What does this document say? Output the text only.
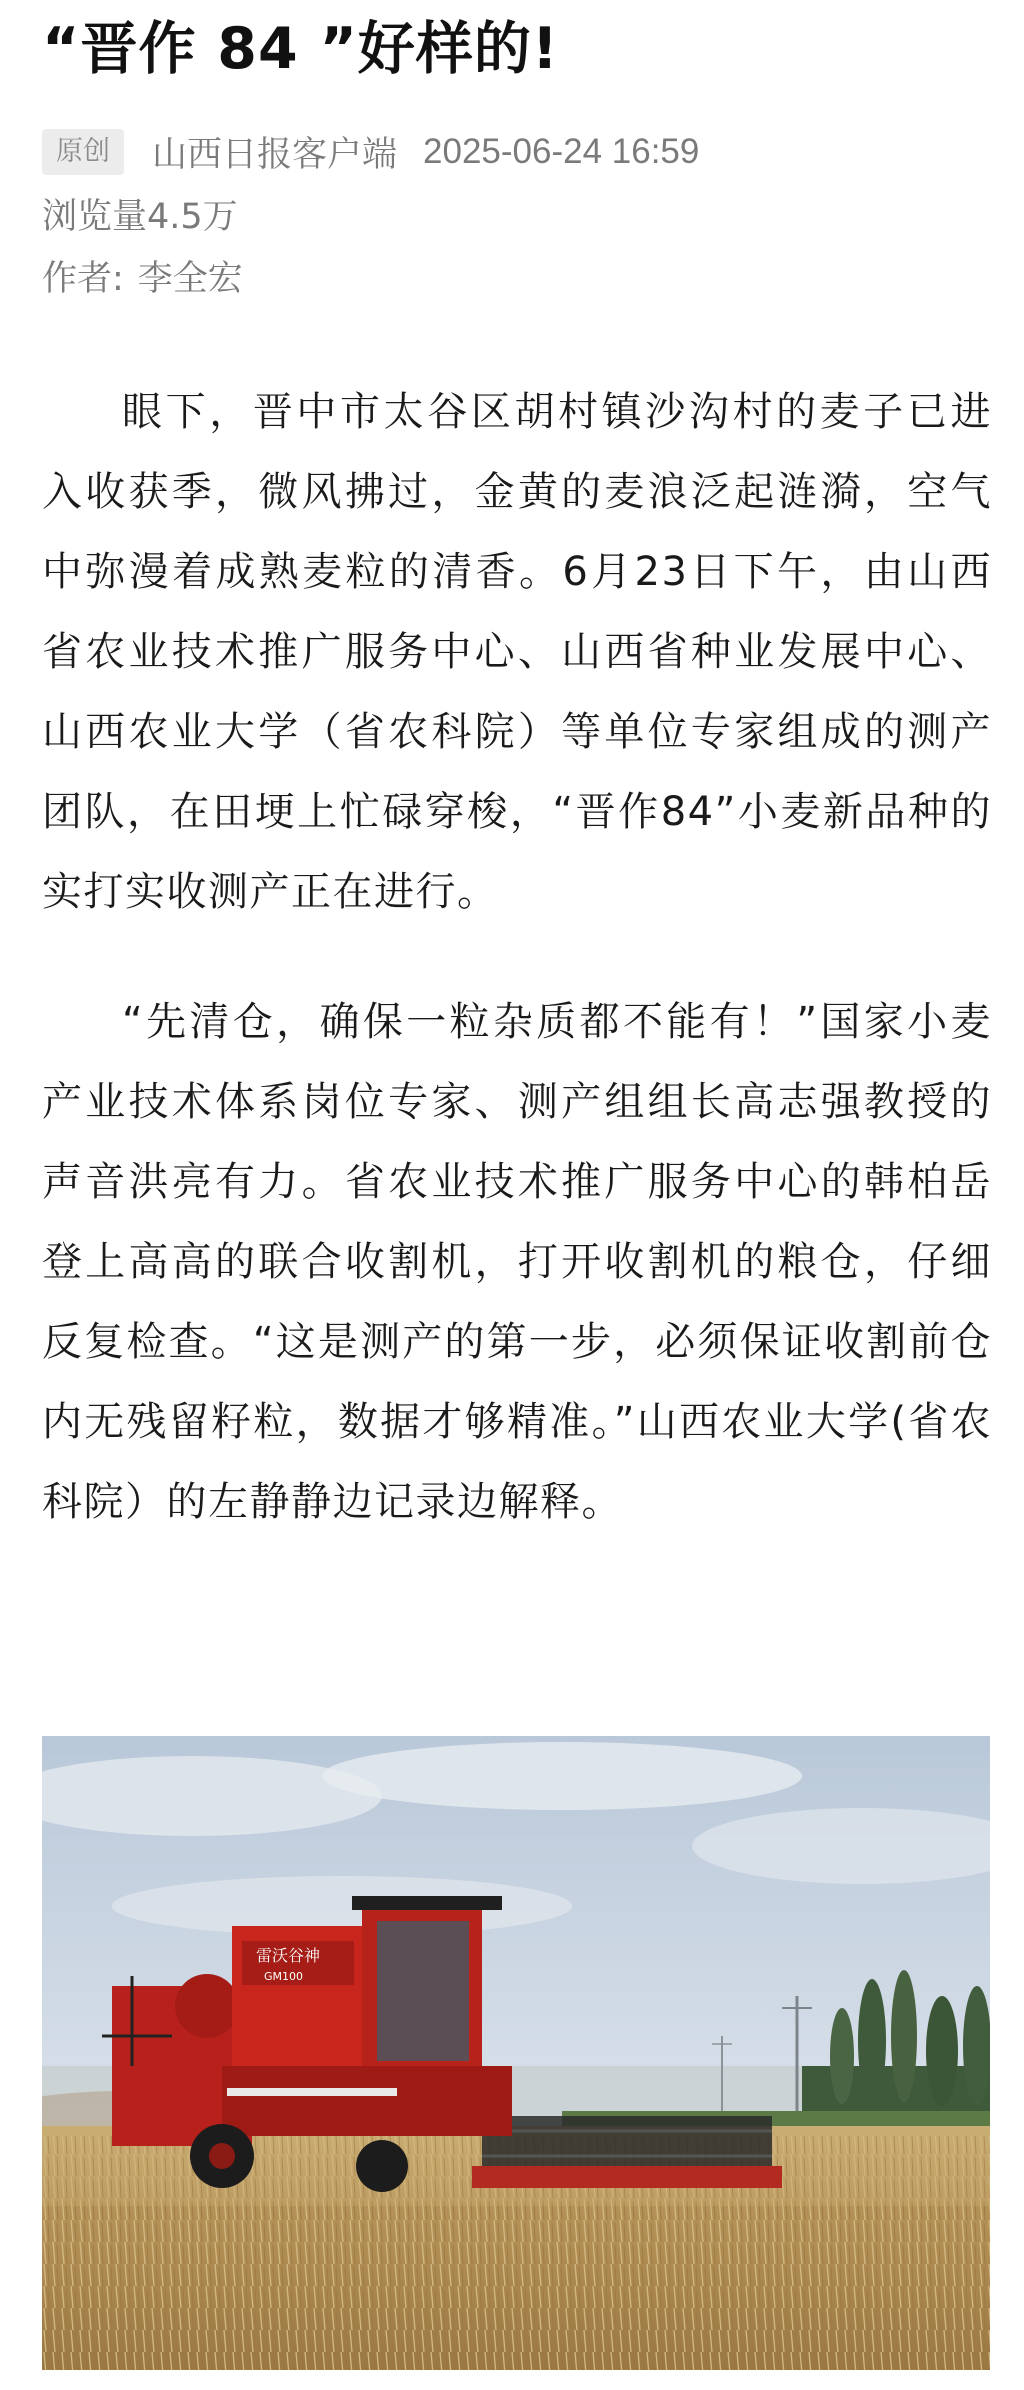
“晋作 84 ”好样的!
原创	山西日报客户端 2025-06-24 16:59
浏览量4.5万
作者: 李全宏

眼下，晋中市太谷区胡村镇沙沟村的麦子已进入收获季，微风拂过，金黄的麦浪泛起涟漪，空气中弥漫着成熟麦粒的清香。6月23日下午，由山西省农业技术推广服务中心、山西省种业发展中心、山西农业大学（省农科院）等单位专家组成的测产团队，在田埂上忙碌穿梭，“晋作84”小麦新品种的实打实收测产正在进行。

“先清仓，确保一粒杂质都不能有！”国家小麦产业技术体系岗位专家、测产组组长高志强教授的声音洪亮有力。省农业技术推广服务中心的韩柏岳登上高高的联合收割机，打开收割机的粮仓，仔细反复检查。“这是测产的第一步，必须保证收割前仓内无残留籽粒，数据才够精准。”山西农业大学(省农科院）的左静静边记录边解释。

雷沃谷神
GM100
